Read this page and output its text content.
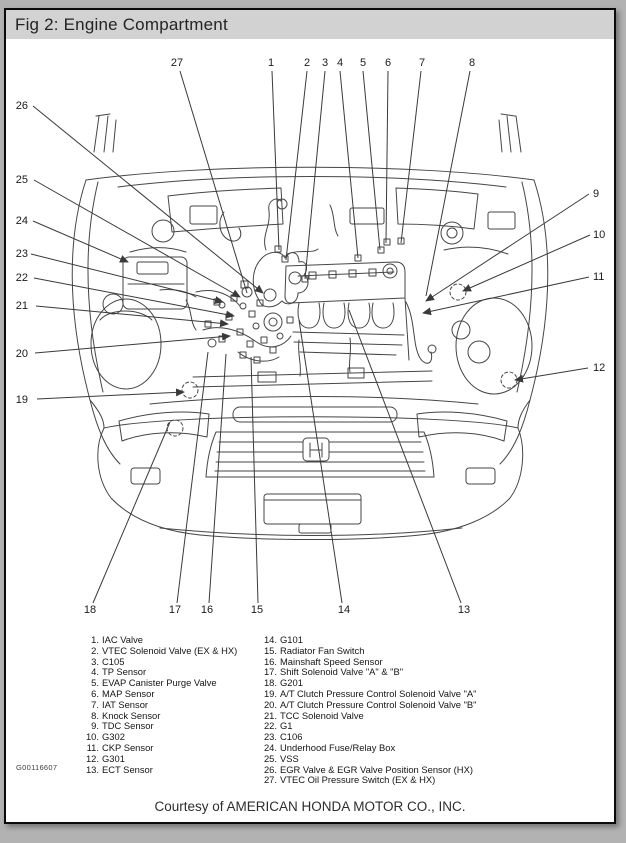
Fig 2: Engine Compartment
27	1	2 3 4 5 6	7	8
9
10
11
12
13
14
15
16
17
18
19
20
21
22
23
24
25
26
1. IAC Valve
2. VTEC Solenoid Valve (EX & HX)
3. C105
4. TP Sensor
5. EVAP Canister Purge Valve
6. MAP Sensor
7. IAT Sensor
8. Knock Sensor
9. TDC Sensor
10. G302
11. CKP Sensor
12. G301
13. ECT Sensor
14. G101
15. Radiator Fan Switch
16. Mainshaft Speed Sensor
17. Shift Solenoid Valve "A" & "B"
18. G201
19. A/T Clutch Pressure Control Solenoid Valve "A"
20. A/T Clutch Pressure Control Solenoid Valve "B"
21. TCC Solenoid Valve
22. G1
23. C106
24. Underhood Fuse/Relay Box
25. VSS
26. EGR Valve & EGR Valve Position Sensor (HX)
27. VTEC Oil Pressure Switch (EX & HX)
G00116607
Courtesy of AMERICAN HONDA MOTOR CO., INC.
